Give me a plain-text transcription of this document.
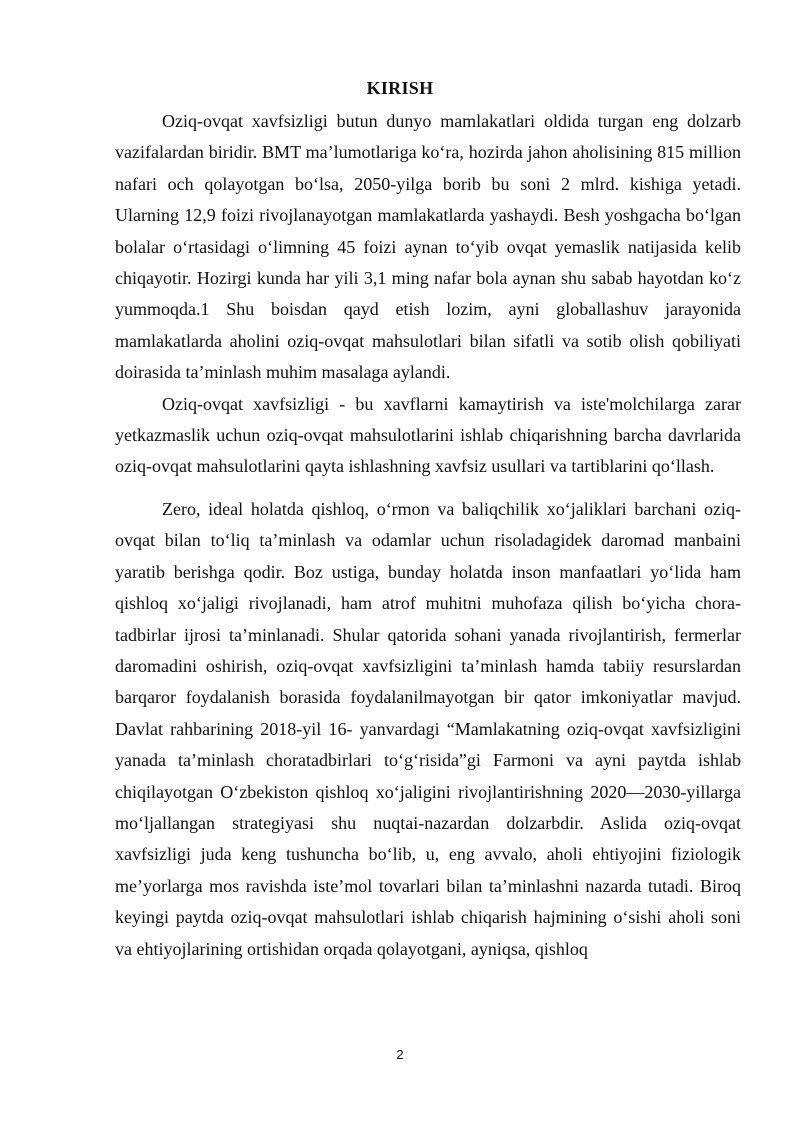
KIRISH

Oziq-ovqat xavfsizligi butun dunyo mamlakatlari oldida turgan eng dolzarb vazifalardan biridir. BMT ma’lumotlariga ko‘ra, hozirda jahon aholisining 815 million nafari och qolayotgan bo‘lsa, 2050-yilga borib bu soni 2 mlrd. kishiga yetadi. Ularning 12,9 foizi rivojlanayotgan mamlakatlarda yashaydi. Besh yoshgacha bo‘lgan bolalar o‘rtasidagi o‘limning 45 foizi aynan to‘yib ovqat yemaslik natijasida kelib chiqayotir. Hozirgi kunda har yili 3,1 ming nafar bola aynan shu sabab hayotdan ko‘z yummoqda.1 Shu boisdan qayd etish lozim, ayni globallashuv jarayonida mamlakatlarda aholini oziq-ovqat mahsulotlari bilan sifatli va sotib olish qobiliyati doirasida ta’minlash muhim masalaga aylandi.

Oziq-ovqat xavfsizligi - bu xavflarni kamaytirish va iste'molchilarga zarar yetkazmaslik uchun oziq-ovqat mahsulotlarini ishlab chiqarishning barcha davrlarida oziq-ovqat mahsulotlarini qayta ishlashning xavfsiz usullari va tartiblarini qo‘llash.

Zero, ideal holatda qishloq, o‘rmon va baliqchilik xo‘jaliklari barchani oziq-ovqat bilan to‘liq ta’minlash va odamlar uchun risoladagidek daromad manbaini yaratib berishga qodir. Boz ustiga, bunday holatda inson manfaatlari yo‘lida ham qishloq xo‘jaligi rivojlanadi, ham atrof muhitni muhofaza qilish bo‘yicha chora-tadbirlar ijrosi ta’minlanadi. Shular qatorida sohani yanada rivojlantirish, fermerlar daromadini oshirish, oziq-ovqat xavfsizligini ta’minlash hamda tabiiy resurslardan barqaror foydalanish borasida foydalanilmayotgan bir qator imkoniyatlar mavjud. Davlat rahbarining 2018-yil 16- yanvardagi “Mamlakatning oziq-ovqat xavfsizligini yanada ta’minlash choratadbirlari to‘g‘risida”gi Farmoni va ayni paytda ishlab chiqilayotgan O‘zbekiston qishloq xo‘jaligini rivojlantirishning 2020—2030-yillarga mo‘ljallangan strategiyasi shu nuqtai-nazardan dolzarbdir. Aslida oziq-ovqat xavfsizligi juda keng tushuncha bo‘lib, u, eng avvalo, aholi ehtiyojini fiziologik me’yorlarga mos ravishda iste’mol tovarlari bilan ta’minlashni nazarda tutadi. Biroq keyingi paytda oziq-ovqat mahsulotlari ishlab chiqarish hajmining o‘sishi aholi soni va ehtiyojlarining ortishidan orqada qolayotgani, ayniqsa, qishloq

2
